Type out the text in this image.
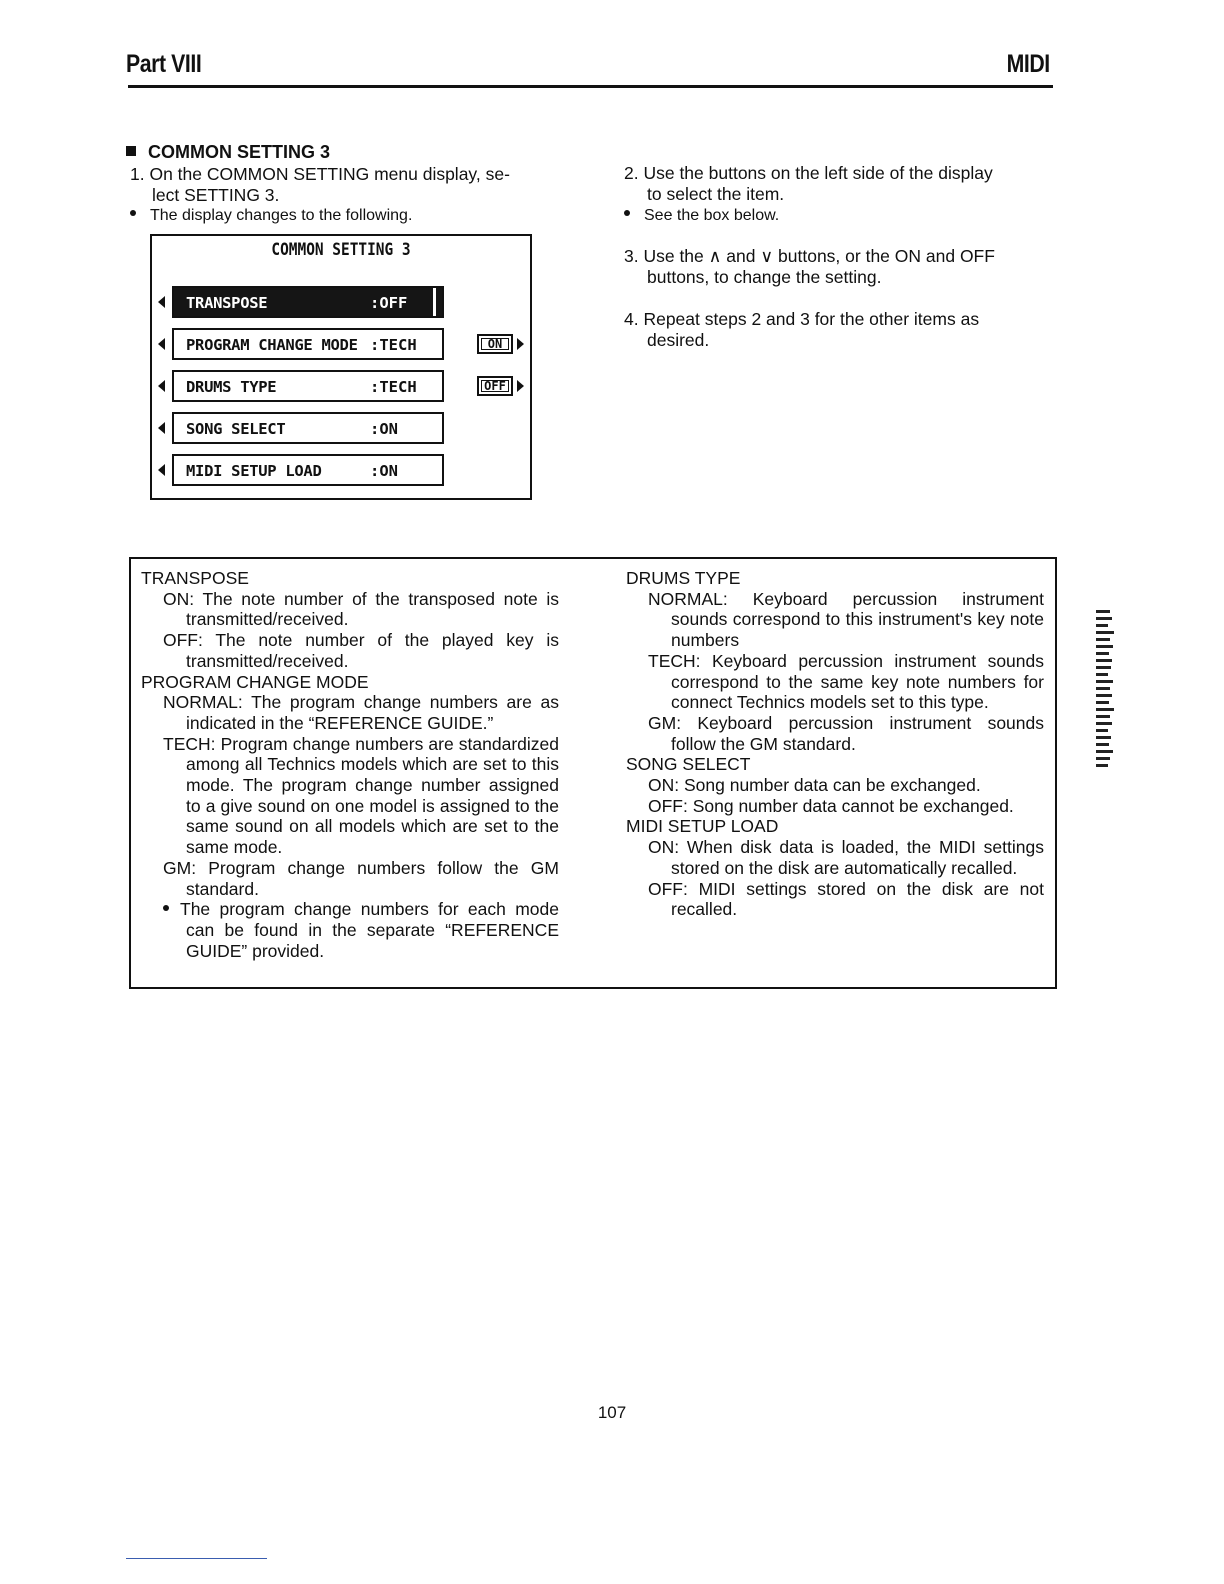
Part VIII	MIDI
COMMON SETTING 3
1. On the COMMON SETTING menu display, se-
lect SETTING 3.
The display changes to the following.
COMMON SETTING 3
TRANSPOSE	:OFF
PROGRAM CHANGE MODE :TECH	ON
DRUMS TYPE	:TECH	OFF
SONG SELECT	:ON
MIDI SETUP LOAD	:ON
2. Use the buttons on the left side of the display
to select the item.
See the box below.
3. Use the ∧ and ∨ buttons, or the ON and OFF
buttons, to change the setting.
4. Repeat steps 2 and 3 for the other items as
desired.

TRANSPOSE

ON: The note number of the transposed note is transmitted/received.

OFF: The note number of the played key is transmitted/received.

PROGRAM CHANGE MODE

NORMAL: The program change numbers are as indicated in the “REFERENCE GUIDE.”

TECH: Program change numbers are standardized among all Technics models which are set to this mode. The program change number assigned to a give sound on one model is assigned to the same sound on all models which are set to the same mode.

GM: Program change numbers follow the GM standard.

The program change numbers for each mode can be found in the separate “REFERENCE GUIDE” provided.

DRUMS TYPE

NORMAL: Keyboard percussion instrument sounds correspond to this instrument's key note numbers

TECH: Keyboard percussion instrument sounds correspond to the same key note numbers for connect Technics models set to this type.

GM: Keyboard percussion instrument sounds follow the GM standard.

SONG SELECT

ON: Song number data can be exchanged.

OFF: Song number data cannot be exchanged.

MIDI SETUP LOAD

ON: When disk data is loaded, the MIDI settings stored on the disk are automatically recalled.

OFF: MIDI settings stored on the disk are not recalled.

107
